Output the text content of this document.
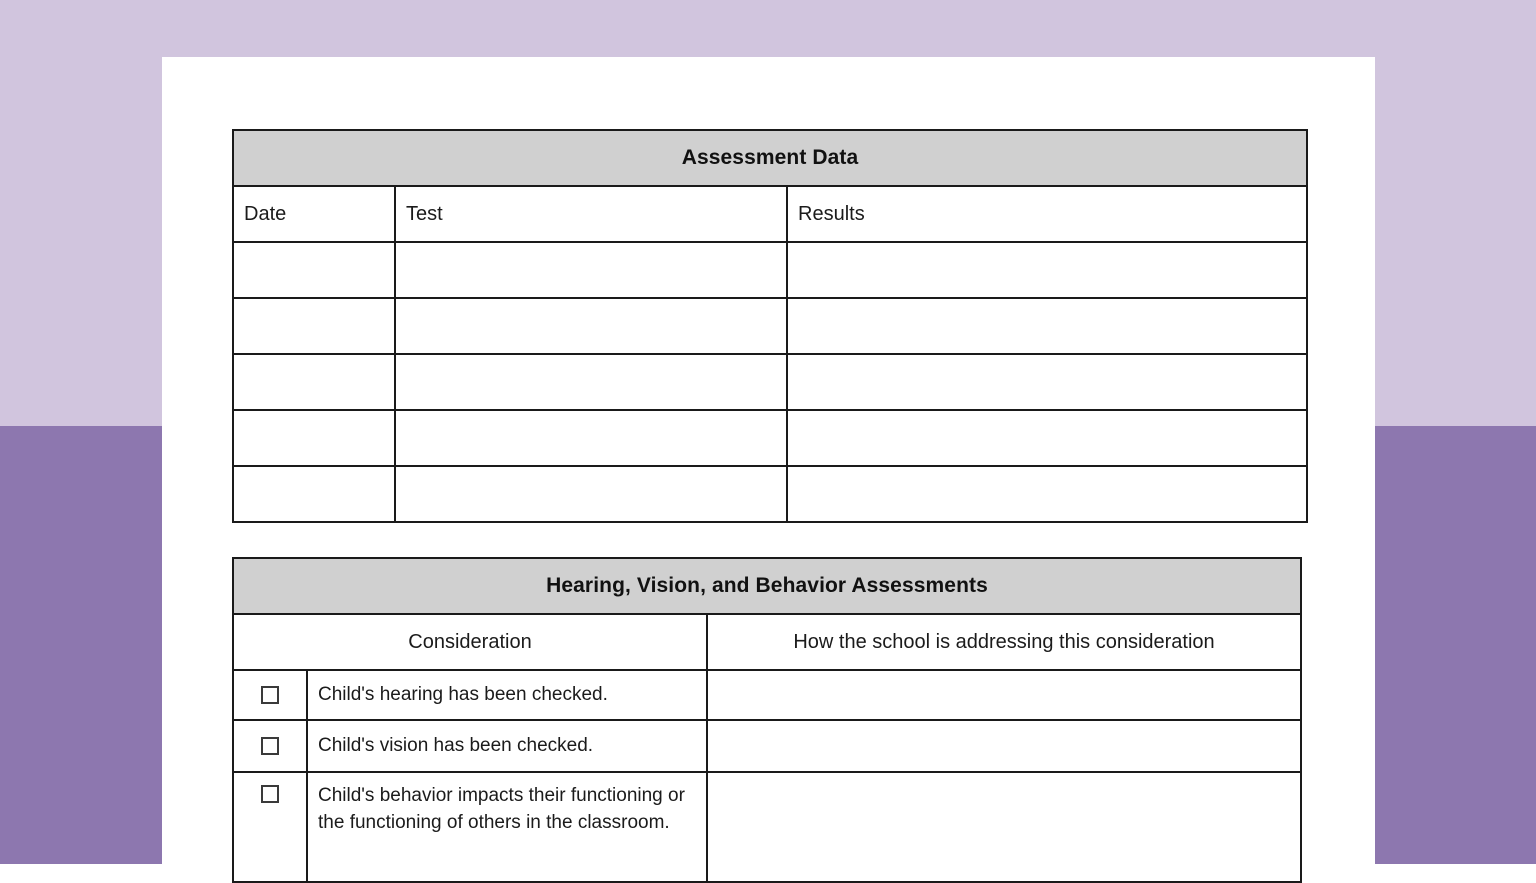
Assessment Data		
Date	Test	Results

Hearing, Vision, and Behavior Assessments		
Consideration		How the school is addressing this consideration
	Child's hearing has been checked.	
	Child's vision has been checked.	
	Child's behavior impacts their functioning or the functioning of others in the classroom.	
